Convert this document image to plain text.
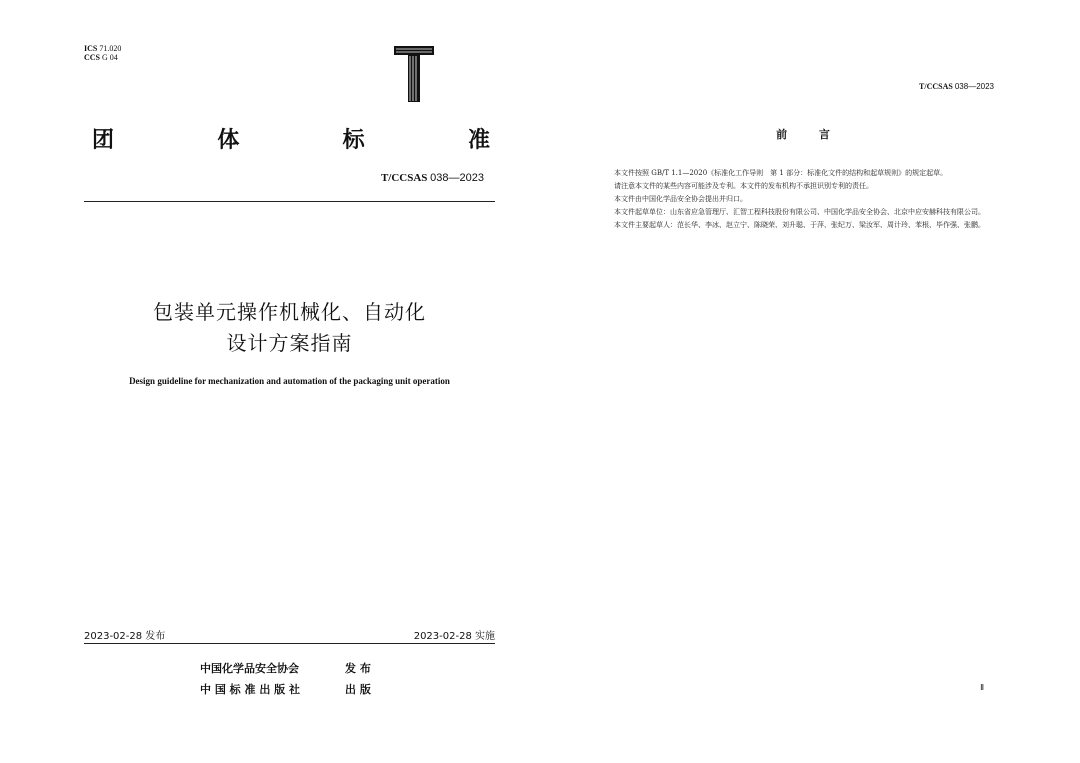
ICS 71.020
CCS G 04
团	体	标	准
T/CCSAS 038—2023
包装单元操作机械化、自动化
设计方案指南
Design guideline for mechanization and automation of the packaging unit operation
2023-02-28 发布	2023-02-28 实施
中国化学品安全协会	发 布
中 国 标 准 出 版 社	出 版
T/CCSAS 038—2023
前 言

本文件按照 GB/T 1.1—2020《标准化工作导则　第 1 部分：标准化文件的结构和起草规则》的规定起草。

请注意本文件的某些内容可能涉及专利。本文件的发布机构不承担识别专利的责任。

本文件由中国化学品安全协会提出并归口。

本文件起草单位：山东省应急管理厅、汇智工程科技股份有限公司、中国化学品安全协会、北京中应安赫科技有限公司。

本文件主要起草人：范长华、李冰、赵立宁、陈晓荣、刘升聪、于萍、张纪万、梁汝军、周计玲、苯根、毕作强、张鹏。

Ⅱ
